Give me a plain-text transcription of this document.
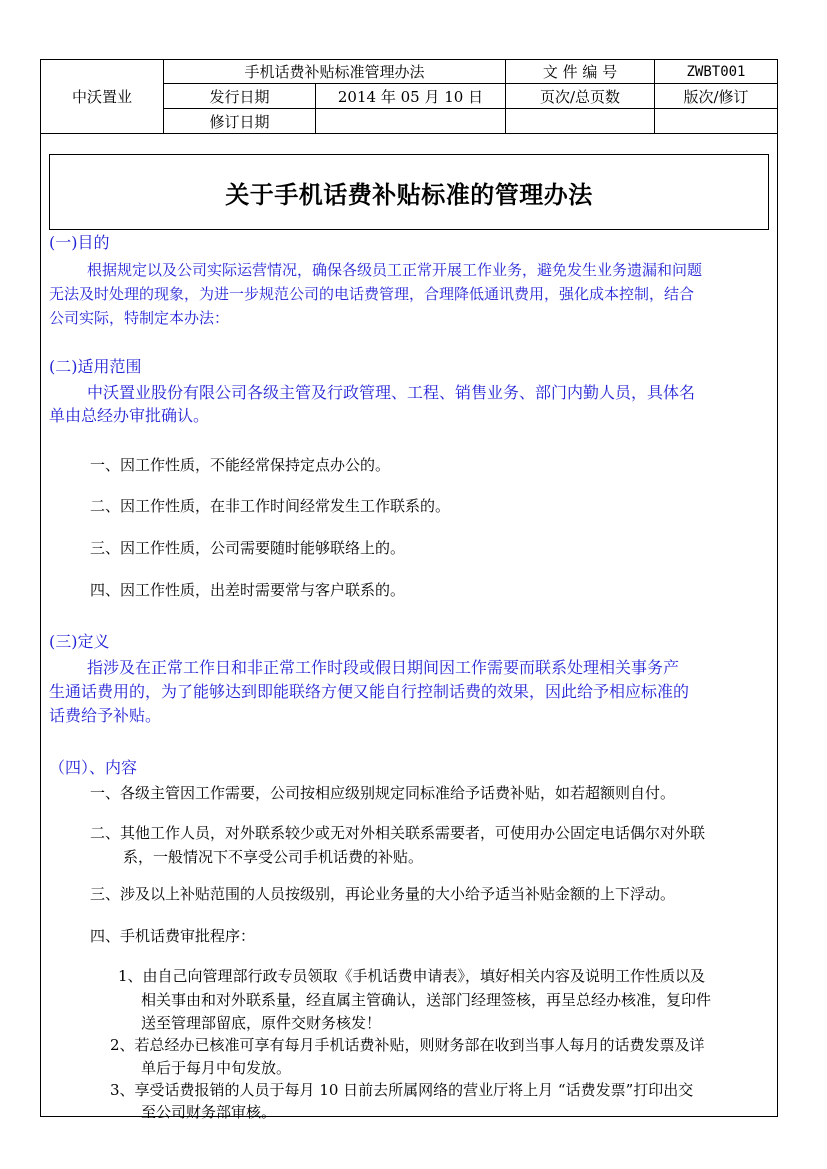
中沃置业
手机话费补贴标准管理办法	文 件 编 号	ZWBT001
发行日期	2014 年 05 月 10 日	页次/总页数	版次/修订
修订日期
关于手机话费补贴标准的管理办法
(一)目的
根据规定以及公司实际运营情况，确保各级员工正常开展工作业务，避免发生业务遗漏和问题
无法及时处理的现象，为进一步规范公司的电话费管理，合理降低通讯费用，强化成本控制，结合
公司实际，特制定本办法：
(二)适用范围
中沃置业股份有限公司各级主管及行政管理、工程、销售业务、部门内勤人员，具体名
单由总经办审批确认。
一、因工作性质，不能经常保持定点办公的。
二、因工作性质，在非工作时间经常发生工作联系的。
三、因工作性质，公司需要随时能够联络上的。
四、因工作性质，出差时需要常与客户联系的。
(三)定义
指涉及在正常工作日和非正常工作时段或假日期间因工作需要而联系处理相关事务产
生通话费用的，为了能够达到即能联络方便又能自行控制话费的效果，因此给予相应标准的
话费给予补贴。
（四）、内容
一、各级主管因工作需要，公司按相应级别规定同标准给予话费补贴，如若超额则自付。
二、其他工作人员，对外联系较少或无对外相关联系需要者，可使用办公固定电话偶尔对外联
系，一般情况下不享受公司手机话费的补贴。
三、涉及以上补贴范围的人员按级别，再论业务量的大小给予适当补贴金额的上下浮动。
四、手机话费审批程序：
1、由自己向管理部行政专员领取《手机话费申请表》，填好相关内容及说明工作性质以及
相关事由和对外联系量，经直属主管确认，送部门经理签核，再呈总经办核准，复印件
送至管理部留底，原件交财务核发！
2、若总经办已核准可享有每月手机话费补贴，则财务部在收到当事人每月的话费发票及详
单后于每月中旬发放。
3、享受话费报销的人员于每月 10 日前去所属网络的营业厅将上月 “话费发票”打印出交
至公司财务部审核。
